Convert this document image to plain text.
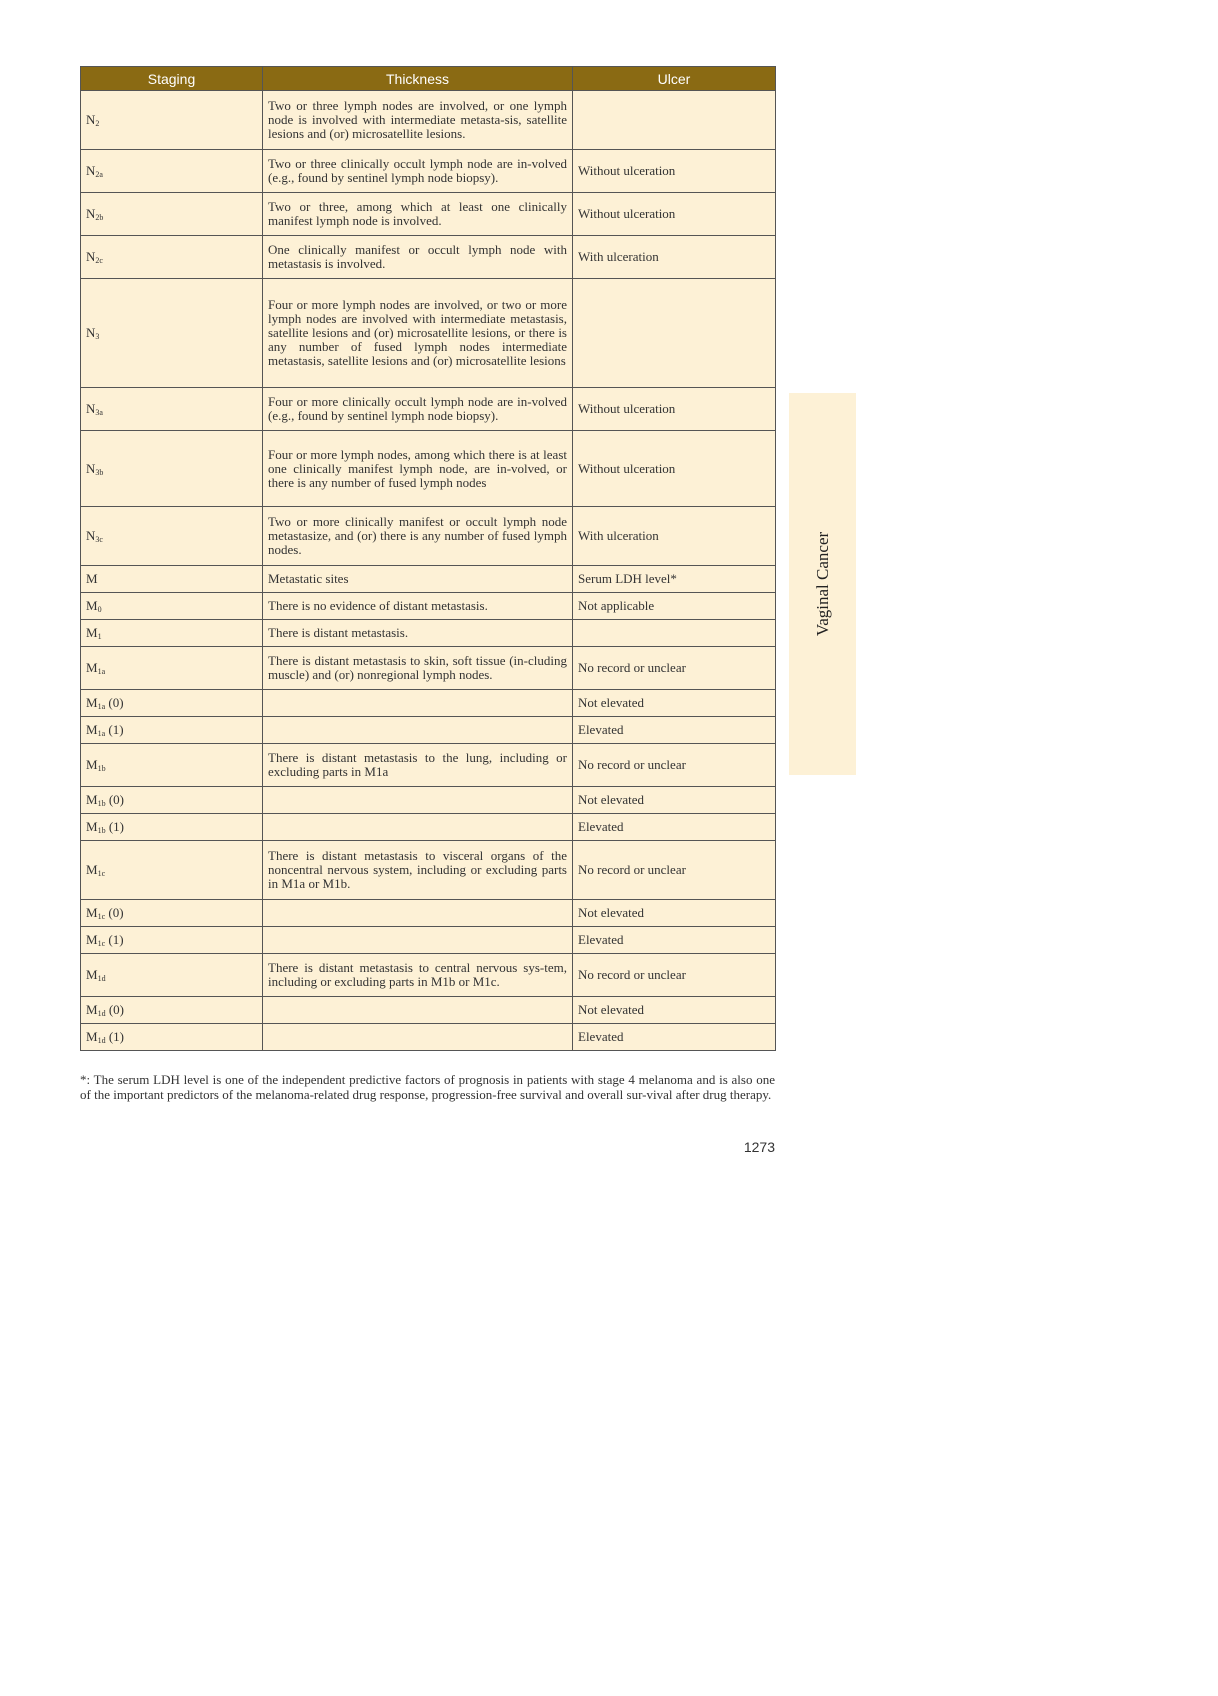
Staging	Thickness	Ulcer
$N_2$	Two or three lymph nodes are involved, or one lymph node is involved with intermediate metasta-sis, satellite lesions and (or) microsatellite lesions.	
$N_{2a}$	Two or three clinically occult lymph node are in-volved (e.g., found by sentinel lymph node biopsy).	Without ulceration
$N_{2b}$	Two or three, among which at least one clinically manifest lymph node is involved.	Without ulceration
$N_{2c}$	One clinically manifest or occult lymph node with metastasis is involved.	With ulceration
$N_3$	Four or more lymph nodes are involved, or two or more lymph nodes are involved with intermediate metastasis, satellite lesions and (or) microsatellite lesions, or there is any number of fused lymph nodes intermediate metastasis, satellite lesions and (or) microsatellite lesions	
$N_{3a}$	Four or more clinically occult lymph node are in-volved (e.g., found by sentinel lymph node biopsy).	Without ulceration
$N_{3b}$	Four or more lymph nodes, among which there is at least one clinically manifest lymph node, are in-volved, or there is any number of fused lymph nodes	Without ulceration
$N_{3c}$	Two or more clinically manifest or occult lymph node metastasize, and (or) there is any number of fused lymph nodes.	With ulceration
M	Metastatic sites	Serum LDH level*
$M_0$	There is no evidence of distant metastasis.	Not applicable
$M_1$	There is distant metastasis.	
$M_{1a}$	There is distant metastasis to skin, soft tissue (in-cluding muscle) and (or) nonregional lymph nodes.	No record or unclear
$M_{1a}$ (0)		Not elevated
$M_{1a}$ (1)		Elevated
$M_{1b}$	There is distant metastasis to the lung, including or excluding parts in M1a	No record or unclear
$M_{1b}$ (0)		Not elevated
$M_{1b}$ (1)		Elevated
$M_{1c}$	There is distant metastasis to visceral organs of the noncentral nervous system, including or excluding parts in M1a or M1b.	No record or unclear
$M_{1c}$ (0)		Not elevated
$M_{1c}$ (1)		Elevated
$M_{1d}$	There is distant metastasis to central nervous sys-tem, including or excluding parts in M1b or M1c.	No record or unclear
$M_{1d}$ (0)		Not elevated
$M_{1d}$ (1)		Elevated
Vaginal Cancer
*: The serum LDH level is one of the independent predictive factors of prognosis in patients with stage 4 melanoma and is also one of the important predictors of the melanoma-related drug response, progression-free survival and overall sur-vival after drug therapy.
1273
